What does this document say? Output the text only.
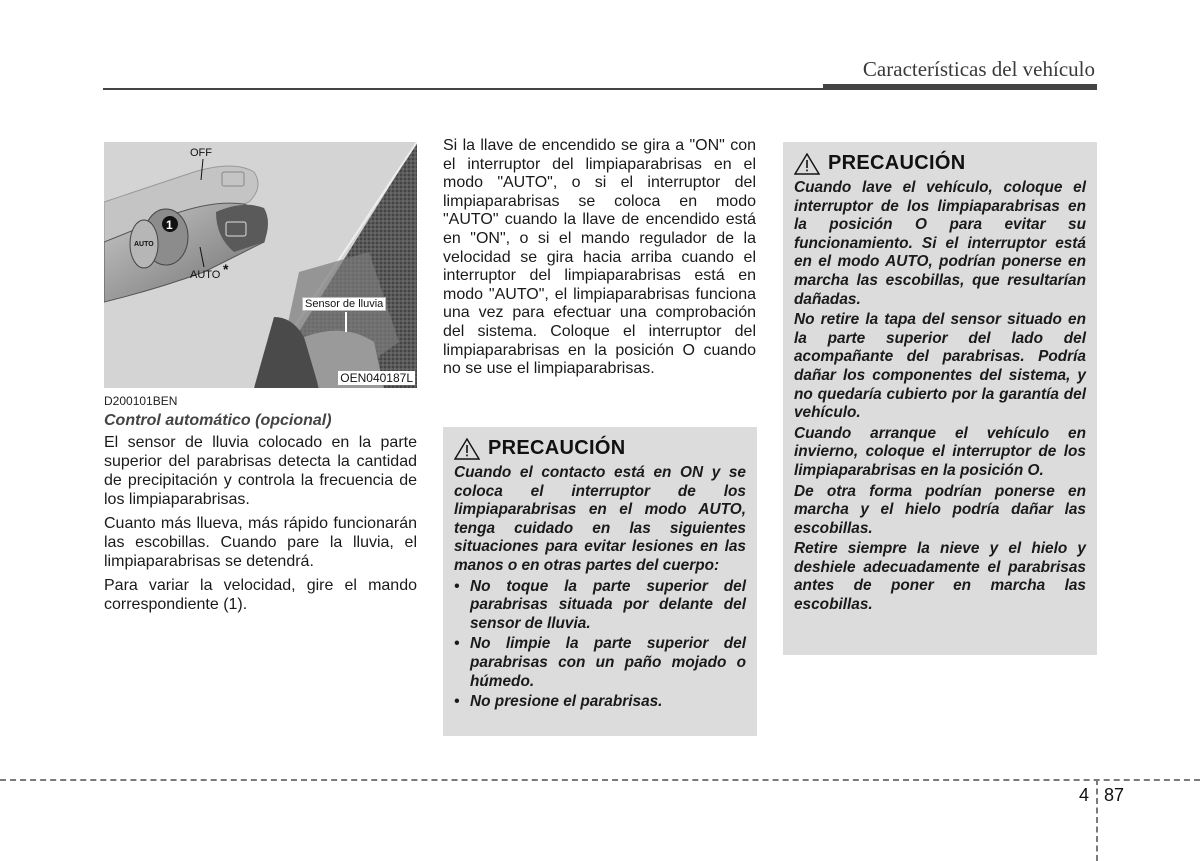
Características del vehículo
1
AUTO
OFF
AUTO *
Sensor de lluvia
OEN040187L
D200101BEN
Control automático (opcional)

El sensor de lluvia colocado en la parte superior del parabrisas detecta la cantidad de precipitación y controla la frecuencia de los limpiaparabrisas.

Cuanto más llueva, más rápido funcionarán las escobillas. Cuando pare la lluvia, el limpiaparabrisas se detendrá.

Para variar la velocidad, gire el mando correspondiente (1).

Si la llave de encendido se gira a "ON" con el interruptor del limpiaparabrisas en el modo "AUTO", o si el interruptor del limpiaparabrisas se coloca en modo "AUTO" cuando la llave de encendido está en "ON", o si el mando regulador de la velocidad se gira hacia arriba cuando el interruptor del limpiaparabrisas está en modo "AUTO", el limpiaparabrisas funciona una vez para efectuar una comprobación del sistema. Coloque el interruptor del limpiaparabrisas en la posición O cuando no se use el limpiaparabrisas.
PRECAUCIÓN

Cuando el contacto está en ON y se coloca el interruptor de los limpiaparabrisas en el modo AUTO, tenga cuidado en las siguientes situaciones para evitar lesiones en las manos o en otras partes del cuerpo:

• No toque la parte superior del parabrisas situada por delante del sensor de lluvia.
• No limpie la parte superior del parabrisas con un paño mojado o húmedo.
• No presione el parabrisas.
PRECAUCIÓN

Cuando lave el vehículo, coloque el interruptor de los limpiaparabrisas en la posición O para evitar su funcionamiento. Si el interruptor está en el modo AUTO, podrían ponerse en marcha las escobillas, que resultarían dañadas.

No retire la tapa del sensor situado en la parte superior del lado del acompañante del parabrisas. Podría dañar los componentes del sistema, y no quedaría cubierto por la garantía del vehículo.

Cuando arranque el vehículo en invierno, coloque el interruptor de los limpiaparabrisas en la posición O.

De otra forma podrían ponerse en marcha y el hielo podría dañar las escobillas.

Retire siempre la nieve y el hielo y deshiele adecuadamente el parabrisas antes de poner en marcha las escobillas.

4 87
